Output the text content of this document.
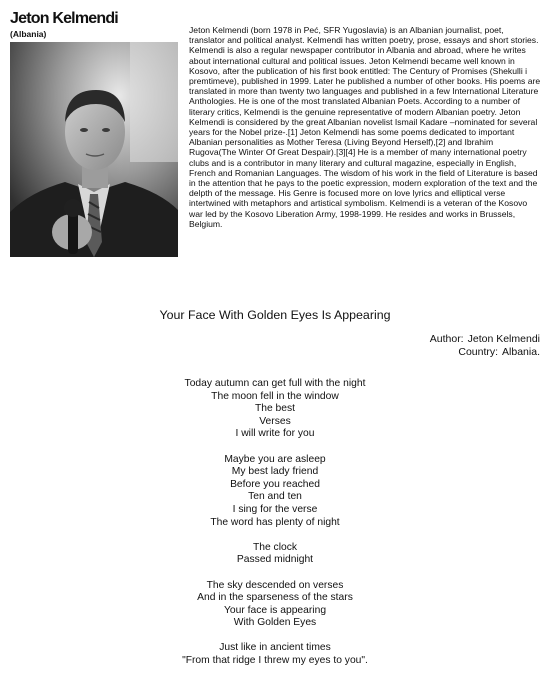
Jeton Kelmendi
(Albania)	Jeton Kelmendi (born 1978 in Peć, SFR Yugoslavia) is an Albanian journalist, poet, translator and political analyst. Kelmendi has written poetry, prose, essays and short stories. Kelmendi is also a regular newspaper contributor in Albania and abroad, where he writes about international cultural and political issues. Jeton Kelmendi became well known in Kosovo, after the publication of his first book entitled: The Century of Promises (Shekulli i premtimeve), published in 1999. Later he published a number of other books. His poems are translated in more than twenty two languages and published in a few International Literature Anthologies. He is one of the most translated Albanian Poets. According to a number of literary critics, Kelmendi is the genuine representative of modern Albanian poetry. Jeton Kelmendi is considered by the great Albanian novelist Ismail Kadare –nominated for several years for the Nobel prize-.[1] Jeton Kelmendi has some poems dedicated to important Albanian personalities as Mother Teresa (Living Beyond Herself),[2] and Ibrahim Rugova(The Winter Of Great Despair).[3][4] He is a member of many international poetry clubs and is a contributor in many literary and cultural magazine, especially in English, French and Romanian Languages. The wisdom of his work in the field of Literature is based in the attention that he pays to the poetic expression, modern exploration of the text and the delpth of the message. His Genre is focused more on love lyrics and elliptical verse intertwined with metaphors and artistical symbolism. Kelmendi is a veteran of the Kosovo war led by the Kosovo Liberation Army, 1998-1999. He resides and works in Brussels, Belgium.

Your Face With Golden Eyes Is Appearing
Author: Jeton Kelmendi
Country: Albania.
Today autumn can get full with the night
The moon fell in the window
The best
Verses
I will write for you
Maybe you are asleep
My best lady friend
Before you reached
Ten and ten
I sing for the verse
The word has plenty of night
The clock
Passed midnight
The sky descended on verses
And in the sparseness of the stars
Your face is appearing
With Golden Eyes
Just like in ancient times
"From that ridge I threw my eyes to you".
